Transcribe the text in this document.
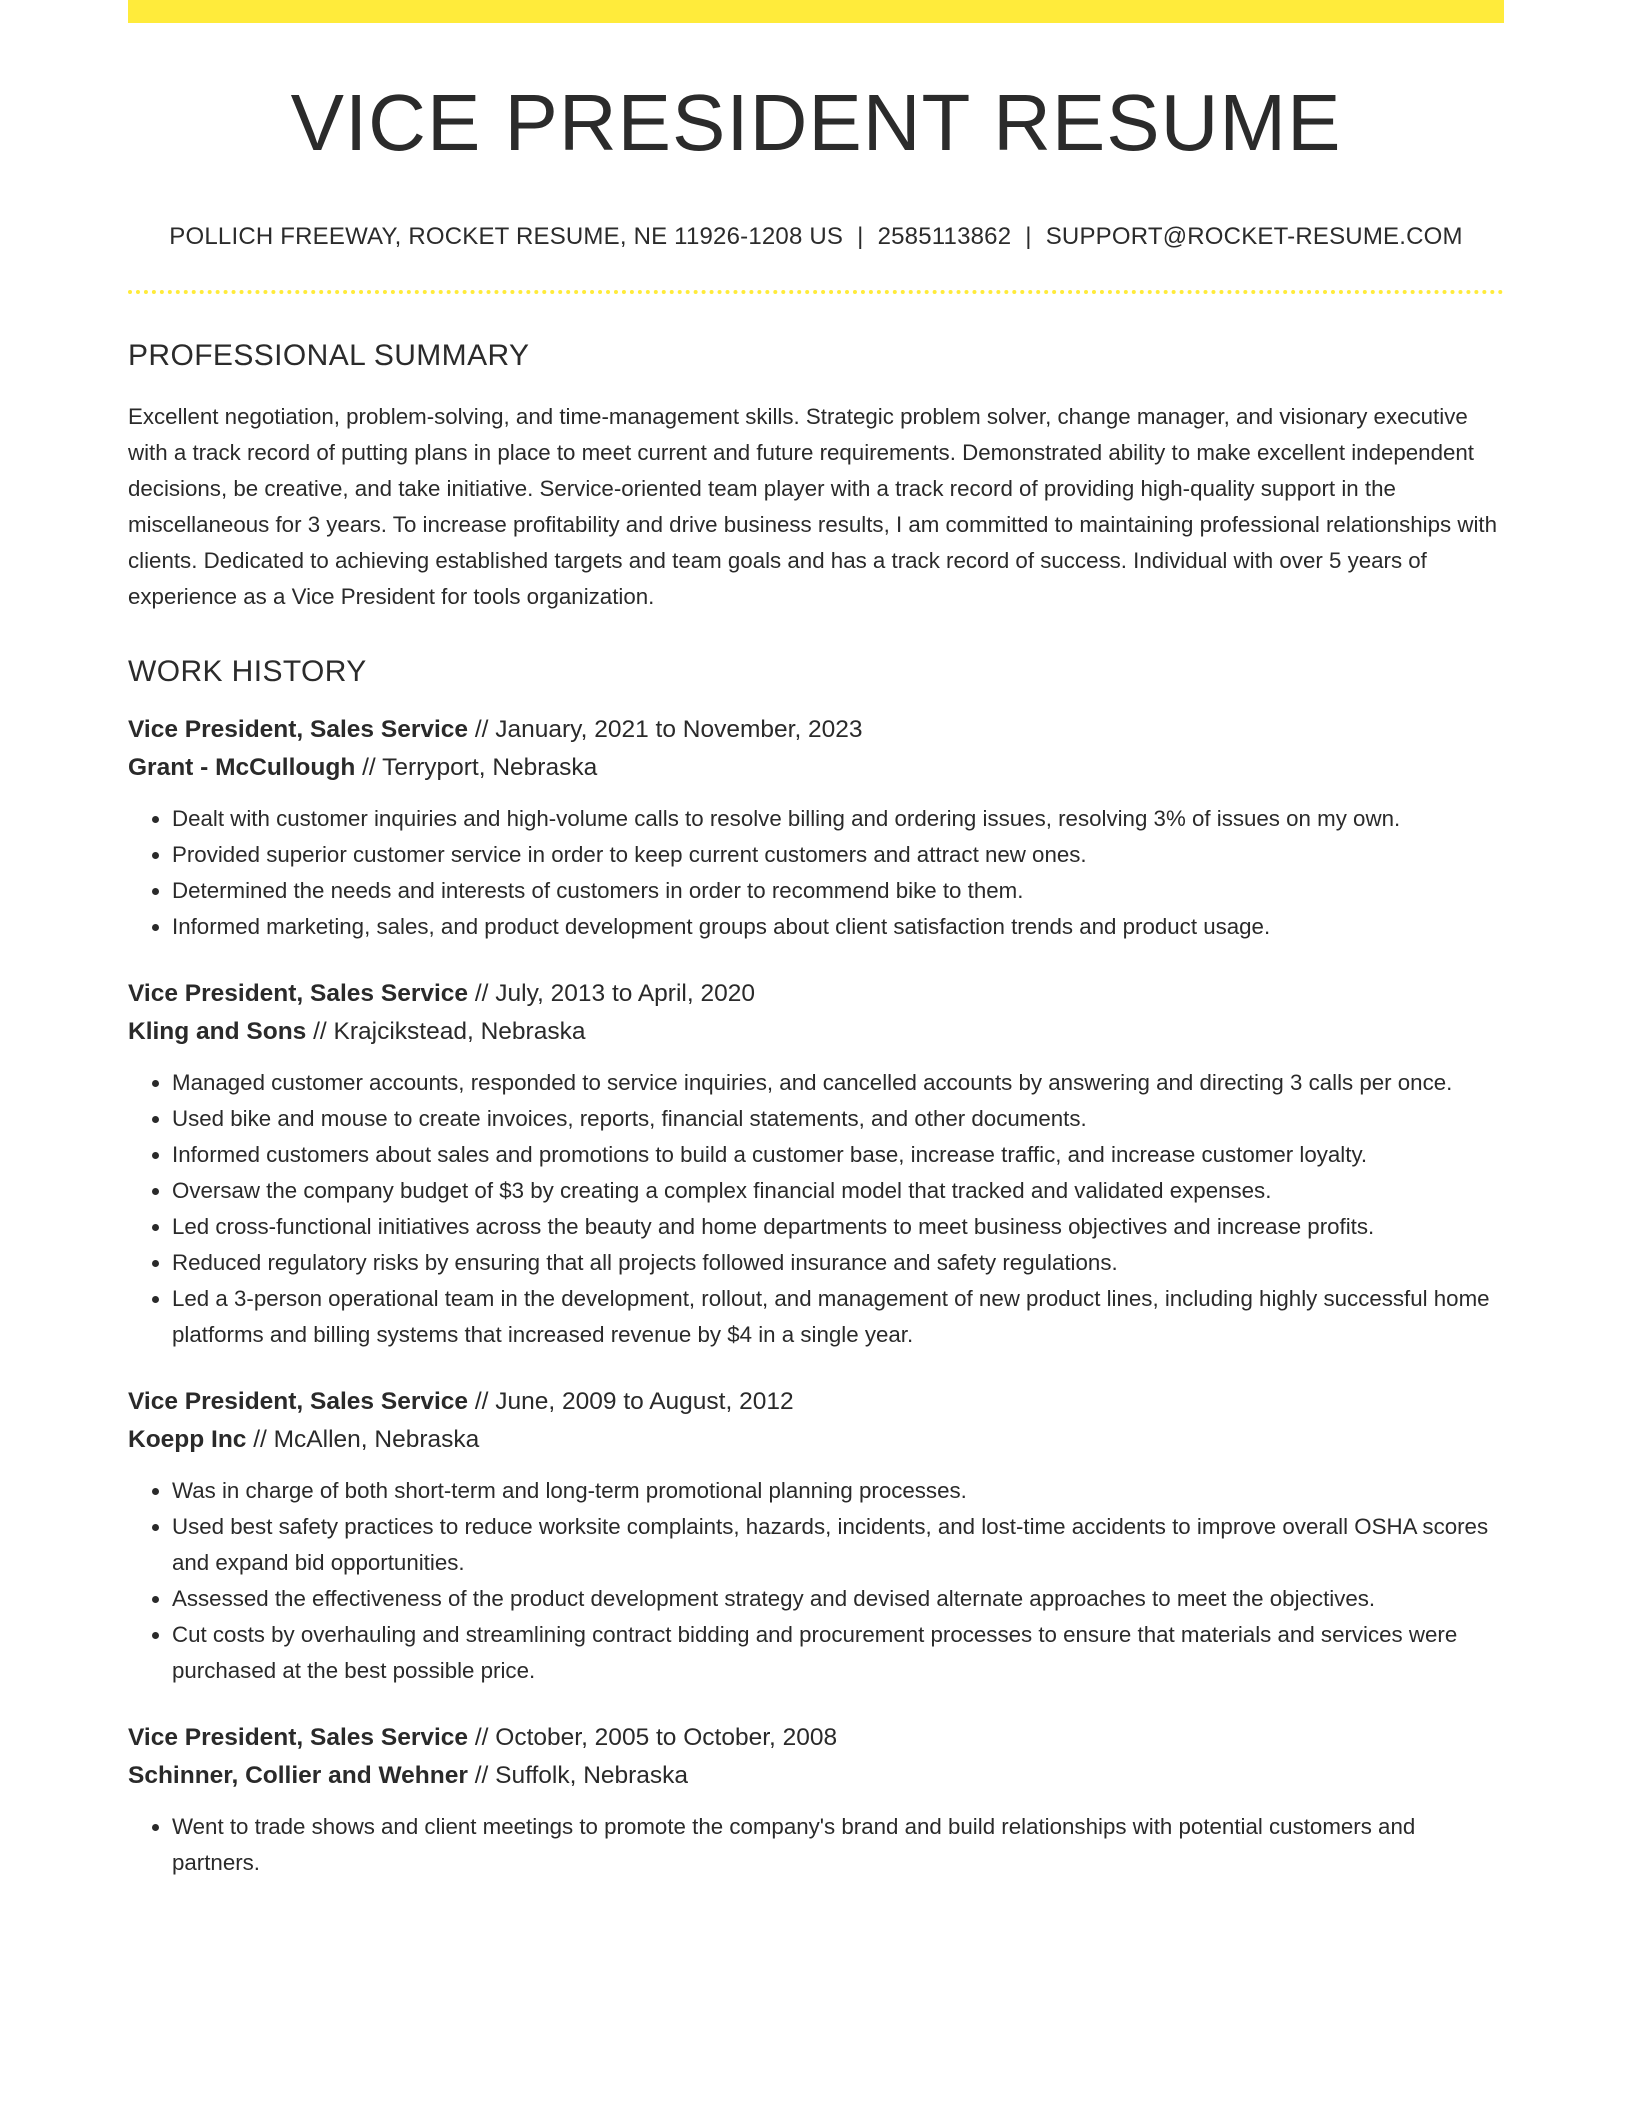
VICE PRESIDENT RESUME
POLLICH FREEWAY, ROCKET RESUME, NE 11926-1208 US | 2585113862 | SUPPORT@ROCKET-RESUME.COM
PROFESSIONAL SUMMARY

Excellent negotiation, problem-solving, and time-management skills. Strategic problem solver, change manager, and visionary executive with a track record of putting plans in place to meet current and future requirements. Demonstrated ability to make excellent independent decisions, be creative, and take initiative. Service-oriented team player with a track record of providing high-quality support in the miscellaneous for 3 years. To increase profitability and drive business results, I am committed to maintaining professional relationships with clients. Dedicated to achieving established targets and team goals and has a track record of success. Individual with over 5 years of experience as a Vice President for tools organization.

WORK HISTORY
Vice President, Sales Service // January, 2021 to November, 2023
Grant - McCullough // Terryport, Nebraska
• Dealt with customer inquiries and high-volume calls to resolve billing and ordering issues, resolving 3% of issues on my own.
• Provided superior customer service in order to keep current customers and attract new ones.
• Determined the needs and interests of customers in order to recommend bike to them.
• Informed marketing, sales, and product development groups about client satisfaction trends and product usage.
Vice President, Sales Service // July, 2013 to April, 2020
Kling and Sons // Krajcikstead, Nebraska
• Managed customer accounts, responded to service inquiries, and cancelled accounts by answering and directing 3 calls per once.
• Used bike and mouse to create invoices, reports, financial statements, and other documents.
• Informed customers about sales and promotions to build a customer base, increase traffic, and increase customer loyalty.
• Oversaw the company budget of $3 by creating a complex financial model that tracked and validated expenses.
• Led cross-functional initiatives across the beauty and home departments to meet business objectives and increase profits.
• Reduced regulatory risks by ensuring that all projects followed insurance and safety regulations.
• Led a 3-person operational team in the development, rollout, and management of new product lines, including highly successful home platforms and billing systems that increased revenue by $4 in a single year.
Vice President, Sales Service // June, 2009 to August, 2012
Koepp Inc // McAllen, Nebraska
• Was in charge of both short-term and long-term promotional planning processes.
• Used best safety practices to reduce worksite complaints, hazards, incidents, and lost-time accidents to improve overall OSHA scores and expand bid opportunities.
• Assessed the effectiveness of the product development strategy and devised alternate approaches to meet the objectives.
• Cut costs by overhauling and streamlining contract bidding and procurement processes to ensure that materials and services were purchased at the best possible price.
Vice President, Sales Service // October, 2005 to October, 2008
Schinner, Collier and Wehner // Suffolk, Nebraska
• Went to trade shows and client meetings to promote the company's brand and build relationships with potential customers and partners.
